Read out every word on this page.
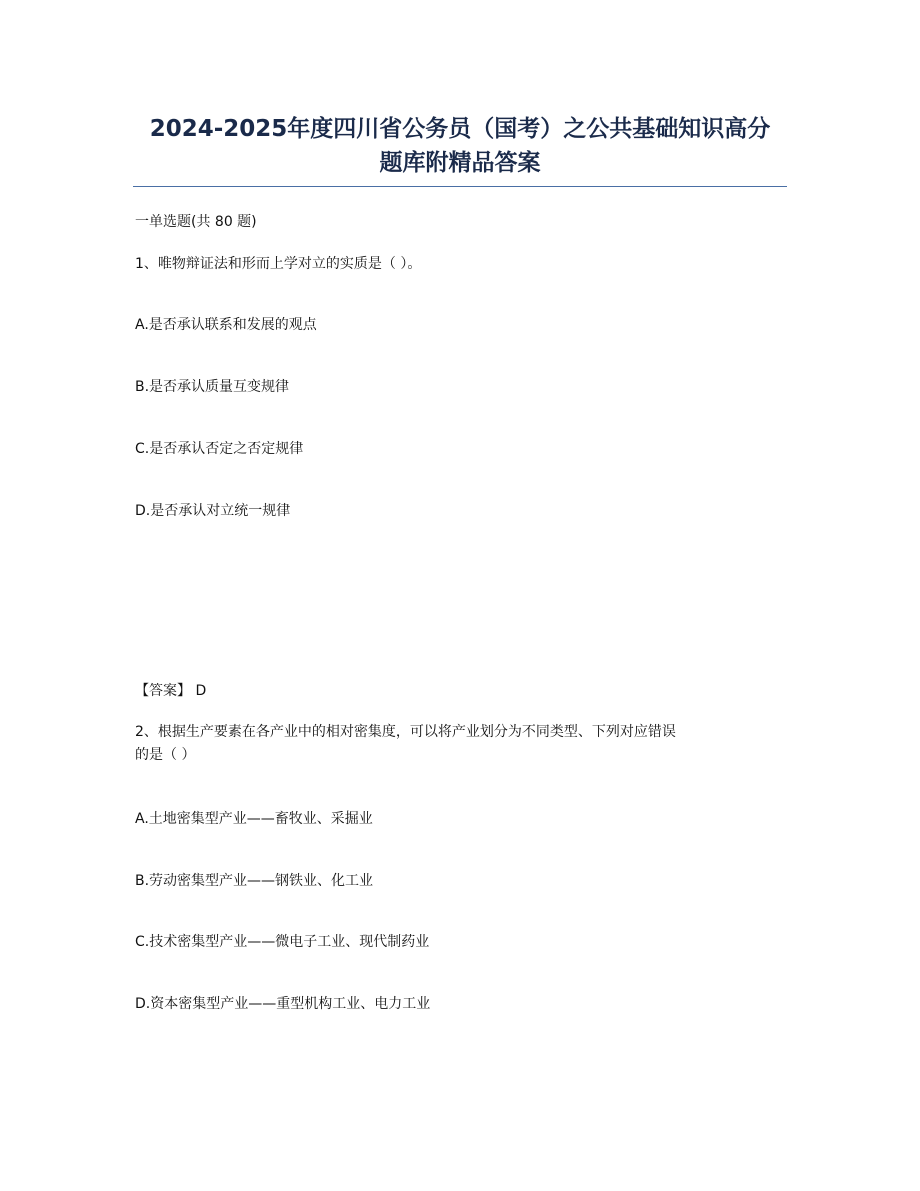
2024-2025年度四川省公务员（国考）之公共基础知识高分
题库附精品答案
一单选题(共 80 题)
1、唯物辩证法和形而上学对立的实质是（ ）。
A.是否承认联系和发展的观点
B.是否承认质量互变规律
C.是否承认否定之否定规律
D.是否承认对立统一规律
【答案】 D
2、根据生产要素在各产业中的相对密集度，可以将产业划分为不同类型、下列对应错误
的是（ ）
A.土地密集型产业——畜牧业、采掘业
B.劳动密集型产业——钢铁业、化工业
C.技术密集型产业——微电子工业、现代制药业
D.资本密集型产业——重型机构工业、电力工业
